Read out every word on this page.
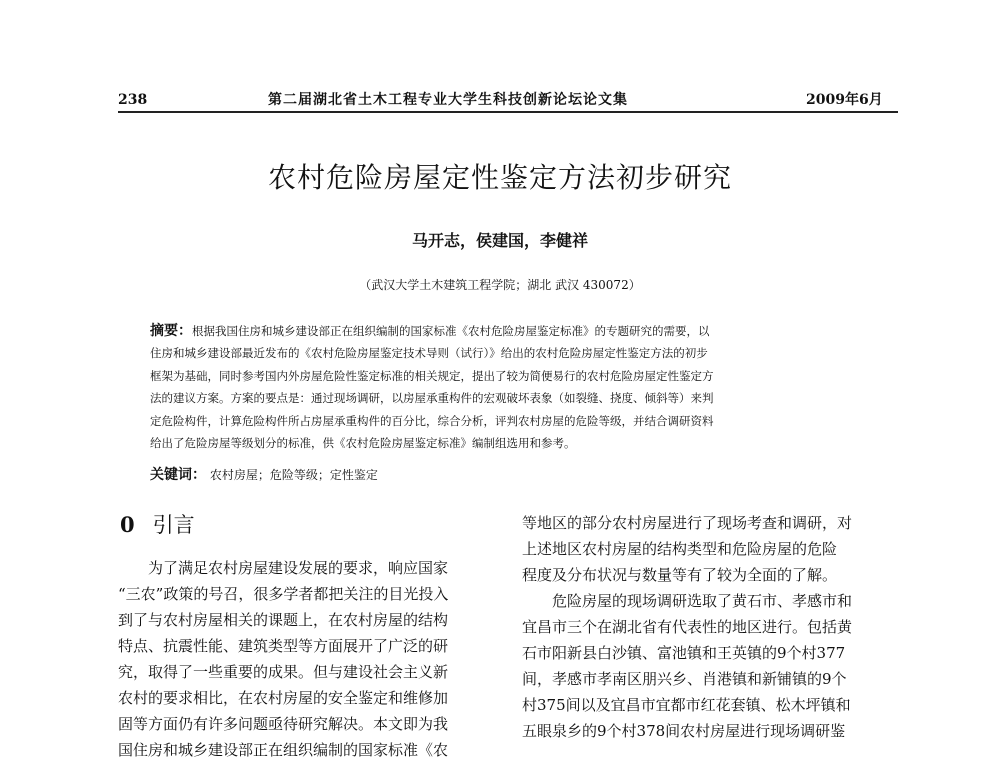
238	第二届湖北省土木工程专业大学生科技创新论坛论文集	2009年6月
农村危险房屋定性鉴定方法初步研究
马开志，侯建国，李健祥
（武汉大学土木建筑工程学院；湖北 武汉 430072）
摘要：根据我国住房和城乡建设部正在组织编制的国家标准《农村危险房屋鉴定标准》的专题研究的需要，以
住房和城乡建设部最近发布的《农村危险房屋鉴定技术导则（试行）》给出的农村危险房屋定性鉴定方法的初步
框架为基础，同时参考国内外房屋危险性鉴定标准的相关规定，提出了较为简便易行的农村危险房屋定性鉴定方
法的建议方案。方案的要点是：通过现场调研，以房屋承重构件的宏观破坏表象（如裂缝、挠度、倾斜等）来判
定危险构件，计算危险构件所占房屋承重构件的百分比，综合分析，评判农村房屋的危险等级，并结合调研资料
给出了危险房屋等级划分的标准，供《农村危险房屋鉴定标准》编制组选用和参考。
关键词： 农村房屋；危险等级；定性鉴定
0 引言
为了满足农村房屋建设发展的要求，响应国家
“三农”政策的号召，很多学者都把关注的目光投入
到了与农村房屋相关的课题上，在农村房屋的结构
特点、抗震性能、建筑类型等方面展开了广泛的研
究，取得了一些重要的成果。但与建设社会主义新
农村的要求相比，在农村房屋的安全鉴定和维修加
固等方面仍有许多问题亟待研究解决。本文即为我
国住房和城乡建设部正在组织编制的国家标准《农
等地区的部分农村房屋进行了现场考查和调研，对
上述地区农村房屋的结构类型和危险房屋的危险
程度及分布状况与数量等有了较为全面的了解。
危险房屋的现场调研选取了黄石市、孝感市和
宜昌市三个在湖北省有代表性的地区进行。包括黄
石市阳新县白沙镇、富池镇和王英镇的9个村377
间，孝感市孝南区朋兴乡、肖港镇和新铺镇的9个
村375间以及宜昌市宜都市红花套镇、松木坪镇和
五眼泉乡的9个村378间农村房屋进行现场调研鉴
